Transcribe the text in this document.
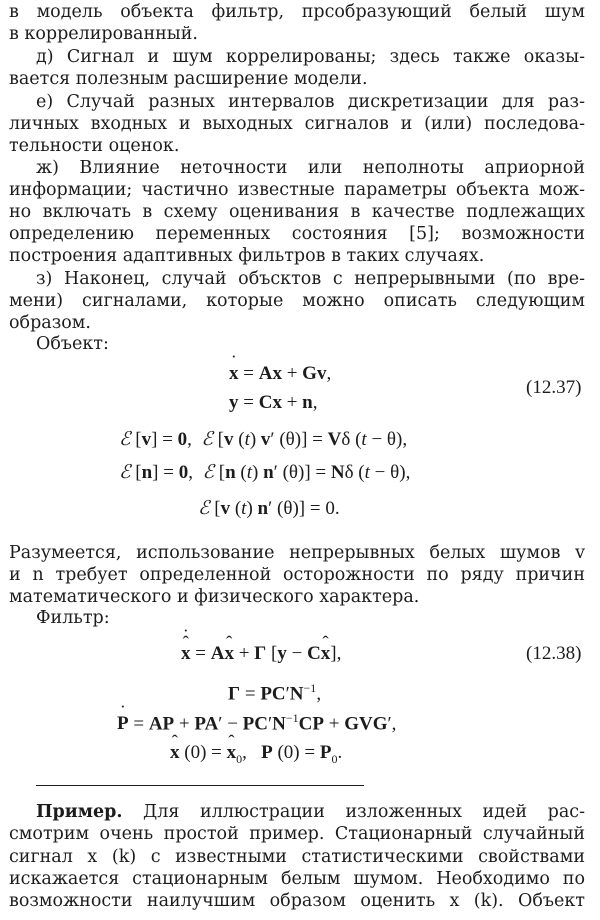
в модель объекта фильтр, прсобразующий белый шум
в коррелированный.
д) Сигнал и шум коррелированы; здесь также оказы-
вается полезным расширение модели.
е) Случай разных интервалов дискретизации для раз-
личных входных и выходных сигналов и (или) последова-
тельности оценок.
ж) Влияние неточности или неполноты априорной
информации; частично известные параметры объекта мож-
но включать в схему оценивания в качестве подлежащих
определению переменных состояния [5]; возможности
построения адаптивных фильтров в таких случаях.
з) Наконец, случай объсктов с непрерывными (по вре-
мени) сигналами, которые можно описать следующим
образом.
Объект:
˙ x = Ax + Gv,
y = Cx + n,
(12.37)
ℰ [v] = 0,  ℰ [v (t) v′ (θ)] = Vδ (t − θ),
ℰ [n] = 0,  ℰ [n (t) n′ (θ)] = Nδ (t − θ),
ℰ [v (t) n′ (θ)] = 0.
Разумеется, использование непрерывных белых шумов v
и n требует определенной осторожности по ряду причин
математического и физического характера.
Фильтр:
ˆ x ˙ = Aˆ x + Γ [y − Cˆ x],	(12.38)
$\Gamma = PC'N^{-1}$,
˙ P = AP + $PA' - PC'N^{-1}CP + GVG'$,
ˆ x (0) = ˆ $x_0$,   P $(0) = P_0$.
Пример. Для иллюстрации изложенных идей рас-
смотрим очень простой пример. Стационарный случайный
сигнал x (k) с известными статистическими свойствами
искажается стационарным белым шумом. Необходимо по
возможности наилучшим образом оценить x (k). Объект
